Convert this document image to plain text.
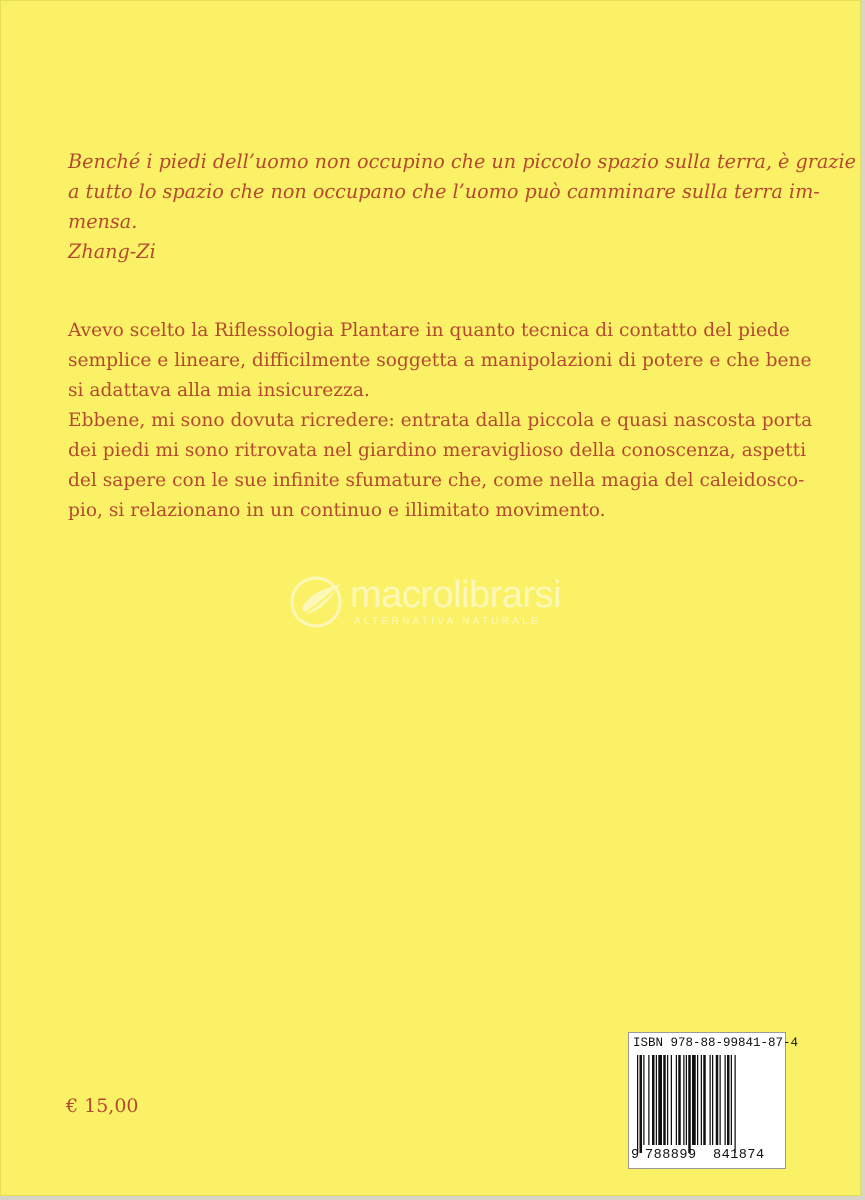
Benché i piedi dell’uomo non occupino che un piccolo spazio sulla terra, è grazie
a tutto lo spazio che non occupano che l’uomo può camminare sulla terra im-
mensa.
Zhang-Zi
Avevo scelto la Riflessologia Plantare in quanto tecnica di contatto del piede
semplice e lineare, difficilmente soggetta a manipolazioni di potere e che bene
si adattava alla mia insicurezza.
Ebbene, mi sono dovuta ricredere: entrata dalla piccola e quasi nascosta porta
dei piedi mi sono ritrovata nel giardino meraviglioso della conoscenza, aspetti
del sapere con le sue infinite sfumature che, come nella magia del caleidosco-
pio, si relazionano in un continuo e illimitato movimento.
macrolibrarsi
ALTERNATIVA NATURALE
€ 15,00
ISBN 978-88-99841-87-4
9 788899 841874
